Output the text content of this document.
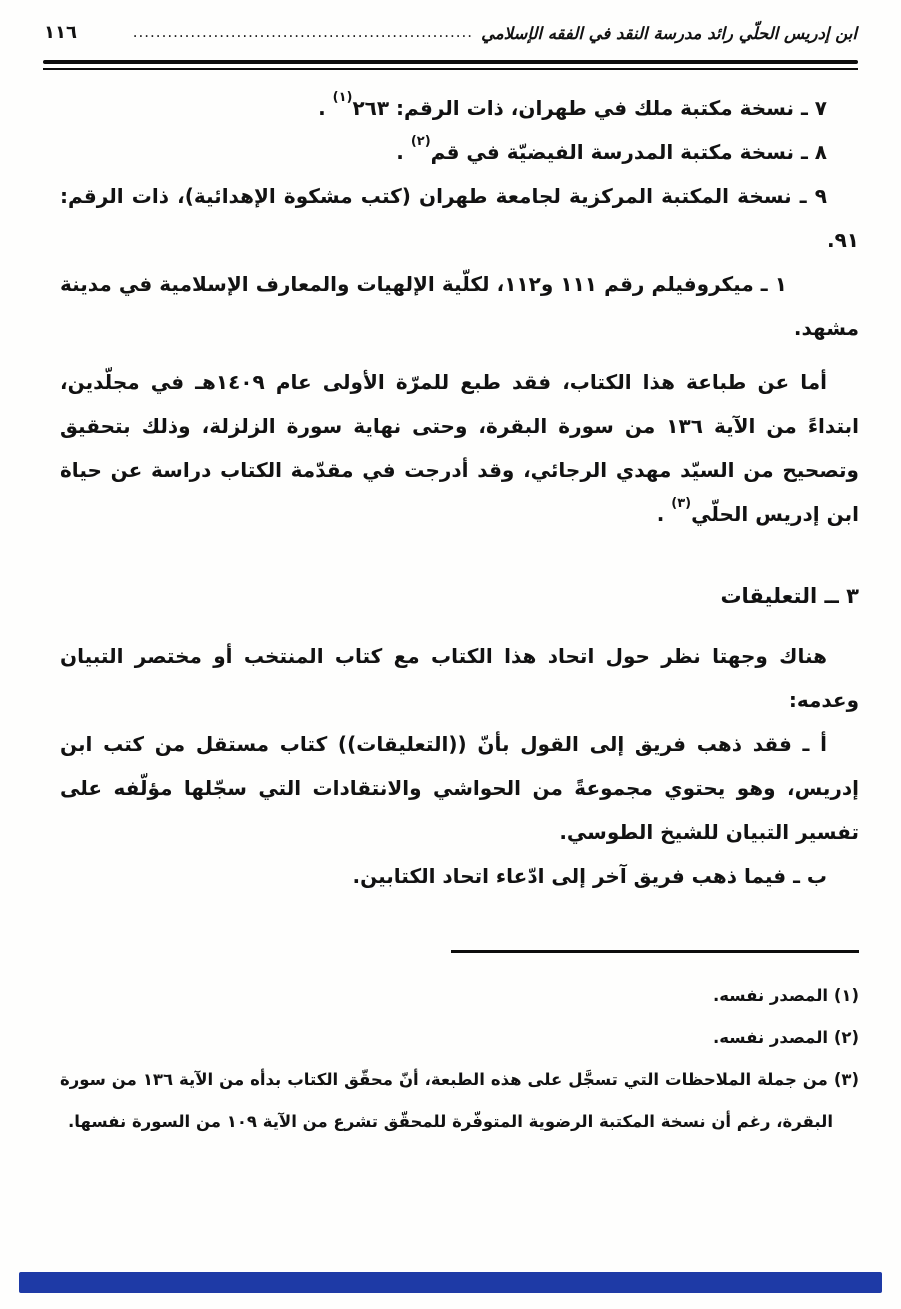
ابن إدريس الحلّي رائد مدرسة النقد في الفقه الإسلامي
...........................................................
١١٦

٧ ـ نسخة مكتبة ملك في طهران، ذات الرقم: ٢٦٣$^{(١)}$ .

٨ ـ نسخة مكتبة المدرسة الفيضيّة في قم$^{(٢)}$ .

٩ ـ نسخة المكتبة المركزية لجامعة طهران (كتب مشكوة الإهدائية)، ذات الرقم: ٩١.

١ ـ ميكروفيلم رقم ١١١ و١١٢، لكلّية الإلهيات والمعارف الإسلامية في مدينة مشهد.

أما عن طباعة هذا الكتاب، فقد طبع للمرّة الأولى عام ١٤٠٩هـ في مجلّدين، ابتداءً من الآية ١٣٦ من سورة البقرة، وحتى نهاية سورة الزلزلة، وذلك بتحقيق وتصحيح من السيّد مهدي الرجائي، وقد أدرجت في مقدّمة الكتاب دراسة عن حياة ابن إدريس الحلّي$^{(٣)}$ .

٣ ــ التعليقات

هناك وجهتا نظر حول اتحاد هذا الكتاب مع كتاب المنتخب أو مختصر التبيان وعدمه:

أ ـ فقد ذهب فريق إلى القول بأنّ ((التعليقات)) كتاب مستقل من كتب ابن إدريس، وهو يحتوي مجموعةً من الحواشي والانتقادات التي سجّلها مؤلّفه على تفسير التبيان للشيخ الطوسي.

ب ـ فيما ذهب فريق آخر إلى ادّعاء اتحاد الكتابين.

(١) المصدر نفسه.

(٢) المصدر نفسه.

(٣) من جملة الملاحظات التي تسجَّل على هذه الطبعة، أنّ محقّق الكتاب بدأه من الآية ١٣٦ من سورة البقرة، رغم أن نسخة المكتبة الرضوية المتوفّرة للمحقّق تشرع من الآية ١٠٩ من السورة نفسها.
